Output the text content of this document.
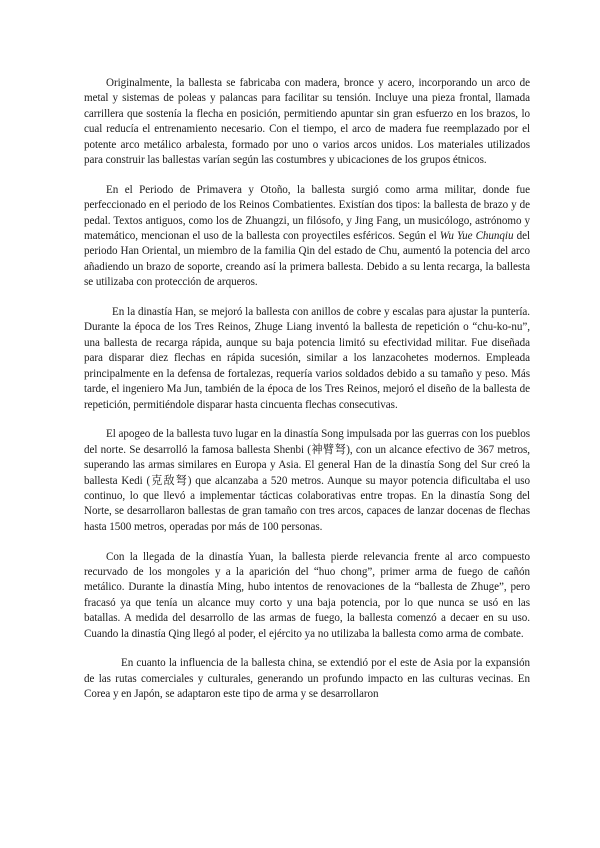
Originalmente, la ballesta se fabricaba con madera, bronce y acero, incorporando un arco de metal y sistemas de poleas y palancas para facilitar su tensión. Incluye una pieza frontal, llamada carrillera que sostenía la flecha en posición, permitiendo apuntar sin gran esfuerzo en los brazos, lo cual reducía el entrenamiento necesario. Con el tiempo, el arco de madera fue reemplazado por el potente arco metálico arbalesta, formado por uno o varios arcos unidos. Los materiales utilizados para construir las ballestas varían según las costumbres y ubicaciones de los grupos étnicos.

En el Periodo de Primavera y Otoño, la ballesta surgió como arma militar, donde fue perfeccionado en el periodo de los Reinos Combatientes. Existían dos tipos: la ballesta de brazo y de pedal. Textos antiguos, como los de Zhuangzi, un filósofo, y Jing Fang, un musicólogo, astrónomo y matemático, mencionan el uso de la ballesta con proyectiles esféricos. Según el Wu Yue Chunqiu del periodo Han Oriental, un miembro de la familia Qin del estado de Chu, aumentó la potencia del arco añadiendo un brazo de soporte, creando así la primera ballesta. Debido a su lenta recarga, la ballesta se utilizaba con protección de arqueros.

En la dinastía Han, se mejoró la ballesta con anillos de cobre y escalas para ajustar la puntería. Durante la época de los Tres Reinos, Zhuge Liang inventó la ballesta de repetición o “chu-ko-nu”, una ballesta de recarga rápida, aunque su baja potencia limitó su efectividad militar. Fue diseñada para disparar diez flechas en rápida sucesión, similar a los lanzacohetes modernos. Empleada principalmente en la defensa de fortalezas, requería varios soldados debido a su tamaño y peso. Más tarde, el ingeniero Ma Jun, también de la época de los Tres Reinos, mejoró el diseño de la ballesta de repetición, permitiéndole disparar hasta cincuenta flechas consecutivas.

El apogeo de la ballesta tuvo lugar en la dinastía Song impulsada por las guerras con los pueblos del norte. Se desarrolló la famosa ballesta Shenbi (神臂弩), con un alcance efectivo de 367 metros, superando las armas similares en Europa y Asia. El general Han de la dinastía Song del Sur creó la ballesta Kedi (克敌弩) que alcanzaba a 520 metros. Aunque su mayor potencia dificultaba el uso continuo, lo que llevó a implementar tácticas colaborativas entre tropas. En la dinastía Song del Norte, se desarrollaron ballestas de gran tamaño con tres arcos, capaces de lanzar docenas de flechas hasta 1500 metros, operadas por más de 100 personas.

Con la llegada de la dinastía Yuan, la ballesta pierde relevancia frente al arco compuesto recurvado de los mongoles y a la aparición del “huo chong”, primer arma de fuego de cañón metálico. Durante la dinastía Ming, hubo intentos de renovaciones de la “ballesta de Zhuge”, pero fracasó ya que tenía un alcance muy corto y una baja potencia, por lo que nunca se usó en las batallas. A medida del desarrollo de las armas de fuego, la ballesta comenzó a decaer en su uso. Cuando la dinastía Qing llegó al poder, el ejército ya no utilizaba la ballesta como arma de combate.

En cuanto la influencia de la ballesta china, se extendió por el este de Asia por la expansión de las rutas comerciales y culturales, generando un profundo impacto en las culturas vecinas. En Corea y en Japón, se adaptaron este tipo de arma y se desarrollaron
